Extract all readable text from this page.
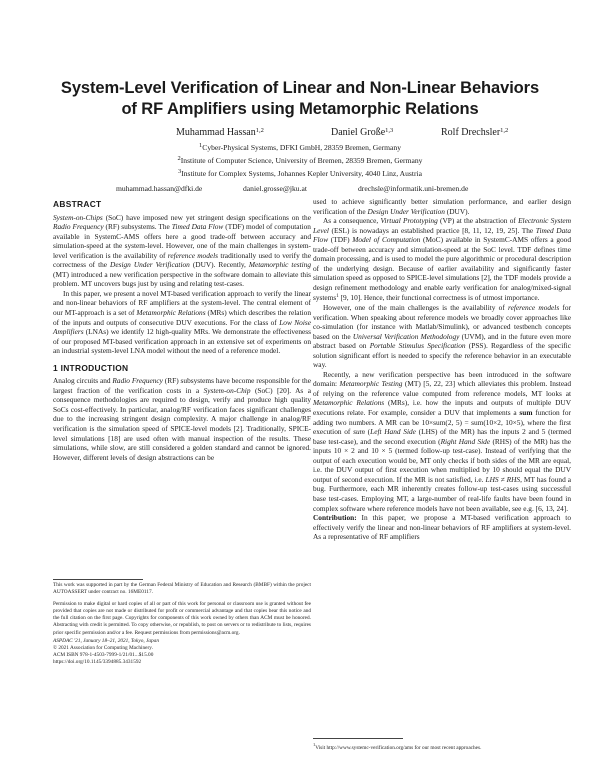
System-Level Verification of Linear and Non-Linear Behaviors
of RF Amplifiers using Metamorphic Relations
Muhammad Hassan$^{1,2}$	Daniel Große$^{1,3}$	Rolf Drechsler$^{1,2}$
$^1$Cyber-Physical Systems, DFKI GmbH, 28359 Bremen, Germany
$^2$Institute of Computer Science, University of Bremen, 28359 Bremen, Germany
$^3$Institute for Complex Systems, Johannes Kepler University, 4040 Linz, Austria
muhammad.hassan@dfki.de	daniel.grosse@jku.at	drechsle@informatik.uni-bremen.de
ABSTRACT

System-on-Chips (SoC) have imposed new yet stringent design specifications on the Radio Frequency (RF) subsystems. The Timed Data Flow (TDF) model of computation available in SystemC-AMS offers here a good trade-off between accuracy and simulation-speed at the system-level. However, one of the main challenges in system-level verification is the availability of reference models traditionally used to verify the correctness of the Design Under Verification (DUV). Recently, Metamorphic testing (MT) introduced a new verification perspective in the software domain to alleviate this problem. MT uncovers bugs just by using and relating test-cases.

In this paper, we present a novel MT-based verification approach to verify the linear and non-linear behaviors of RF amplifiers at the system-level. The central element of our MT-approach is a set of Metamorphic Relations (MRs) which describes the relation of the inputs and outputs of consecutive DUV executions. For the class of Low Noise Amplifiers (LNAs) we identify 12 high-quality MRs. We demonstrate the effectiveness of our proposed MT-based verification approach in an extensive set of experiments on an industrial system-level LNA model without the need of a reference model.

1 INTRODUCTION

Analog circuits and Radio Frequency (RF) subsystems have become responsible for the largest fraction of the verification costs in a System-on-Chip (SoC) [20]. As a consequence methodologies are required to design, verify and produce high quality SoCs cost-effectively. In particular, analog/RF verification faces significant challenges due to the increasing stringent design complexity. A major challenge in analog/RF verification is the simulation speed of SPICE-level models [2]. Traditionally, SPICE-level simulations [18] are used often with manual inspection of the results. These simulations, while slow, are still considered a golden standard and cannot be ignored. However, different levels of design abstractions can be

This work was supported in part by the German Federal Ministry of Education and Research (BMBF) within the project AUTOASSERT under contract no. 16ME0117.

Permission to make digital or hard copies of all or part of this work for personal or classroom use is granted without fee provided that copies are not made or distributed for profit or commercial advantage and that copies bear this notice and the full citation on the first page. Copyrights for components of this work owned by others than ACM must be honored. Abstracting with credit is permitted. To copy otherwise, or republish, to post on servers or to redistribute to lists, requires prior specific permission and/or a fee. Request permissions from permissions@acm.org.

ASPDAC '21, January 18–21, 2021, Tokyo, Japan

© 2021 Association for Computing Machinery.

ACM ISBN 978-1-4503-7999-1/21/01...$15.00

https://doi.org/10.1145/3394885.3431592

used to achieve significantly better simulation performance, and earlier design verification of the Design Under Verification (DUV).

As a consequence, Virtual Prototyping (VP) at the abstraction of Electronic System Level (ESL) is nowadays an established practice [8, 11, 12, 19, 25]. The Timed Data Flow (TDF) Model of Computation (MoC) available in SystemC-AMS offers a good trade-off between accuracy and simulation-speed at the SoC level. TDF defines time domain processing, and is used to model the pure algorithmic or procedural description of the underlying design. Because of earlier availability and significantly faster simulation speed as opposed to SPICE-level simulations [2], the TDF models provide a design refinement methodology and enable early verification for analog/mixed-signal systems$^1$ [9, 10]. Hence, their functional correctness is of utmost importance.

However, one of the main challenges is the availability of reference models for verification. When speaking about reference models we broadly cover approaches like co-simulation (for instance with Matlab/Simulink), or advanced testbench concepts based on the Universal Verification Methodology (UVM), and in the future even more abstract based on Portable Stimulus Specification (PSS). Regardless of the specific solution significant effort is needed to specify the reference behavior in an executable way.

Recently, a new verification perspective has been introduced in the software domain: Metamorphic Testing (MT) [5, 22, 23] which alleviates this problem. Instead of relying on the reference value computed from reference models, MT looks at Metamorphic Relations (MRs), i.e. how the inputs and outputs of multiple DUV executions relate. For example, consider a DUV that implements a sum function for adding two numbers. A MR can be 10×sum(2, 5) = sum(10×2, 10×5), where the first execution of sum (Left Hand Side (LHS) of the MR) has the inputs 2 and 5 (termed base test-case), and the second execution (Right Hand Side (RHS) of the MR) has the inputs 10 × 2 and 10 × 5 (termed follow-up test-case). Instead of verifying that the output of each execution would be, MT only checks if both sides of the MR are equal, i.e. the DUV output of first execution when multiplied by 10 should equal the DUV output of second execution. If the MR is not satisfied, i.e. LHS ≠ RHS, MT has found a bug. Furthermore, each MR inherently creates follow-up test-cases using successful base test-cases. Employing MT, a large-number of real-life faults have been found in complex software where reference models have not been available, see e.g. [6, 13, 24].

Contribution: In this paper, we propose a MT-based verification approach to effectively verify the linear and non-linear behaviors of RF amplifiers at system-level. As a representative of RF amplifiers

$^1$Visit http://www.systemc-verification.org/ams for our most recent approaches.
